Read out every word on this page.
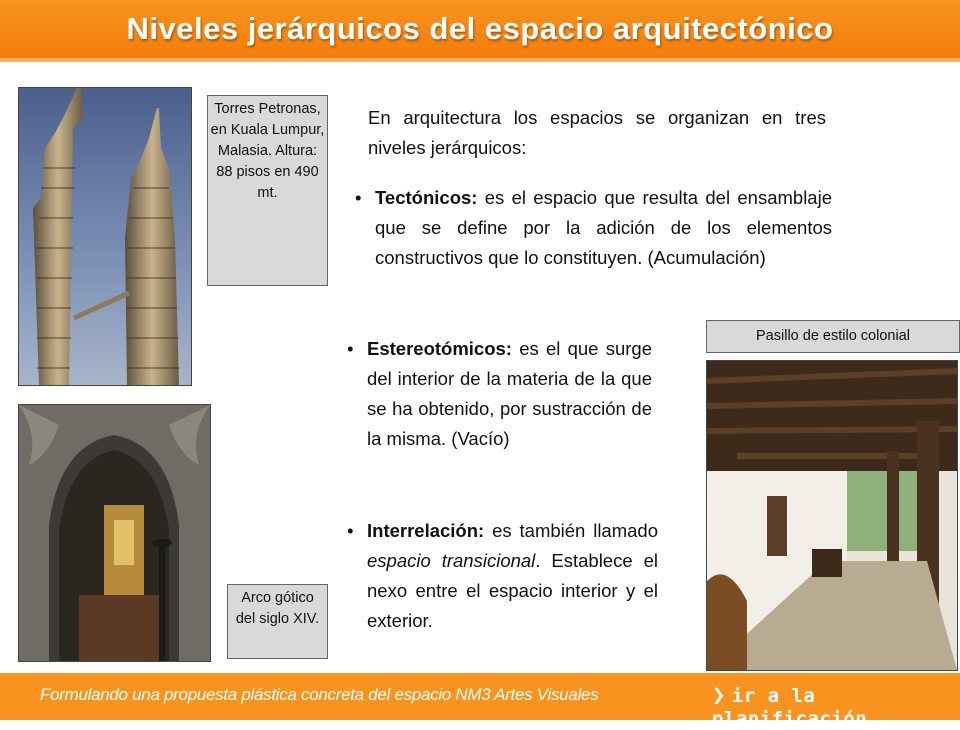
Niveles jerárquicos del espacio arquitectónico
Torres Petronas, en Kuala Lumpur, Malasia. Altura: 88 pisos en 490 mt.
Arco gótico del siglo XIV.
En arquitectura los espacios se organizan en tres niveles jerárquicos:
• Tectónicos: es el espacio que resulta del ensamblaje que se define por la adición de los elementos constructivos que lo constituyen. (Acumulación)
Pasillo de estilo colonial
• Estereotómicos: es el que surge del interior de la materia de la que se ha obtenido, por sustracción de la misma. (Vacío)
• Interrelación: es también llamado espacio transicional. Establece el nexo entre el espacio interior y el exterior.
Formulando una propuesta plástica concreta del espacio NM3 Artes Visuales	❯ ir a la planificación
